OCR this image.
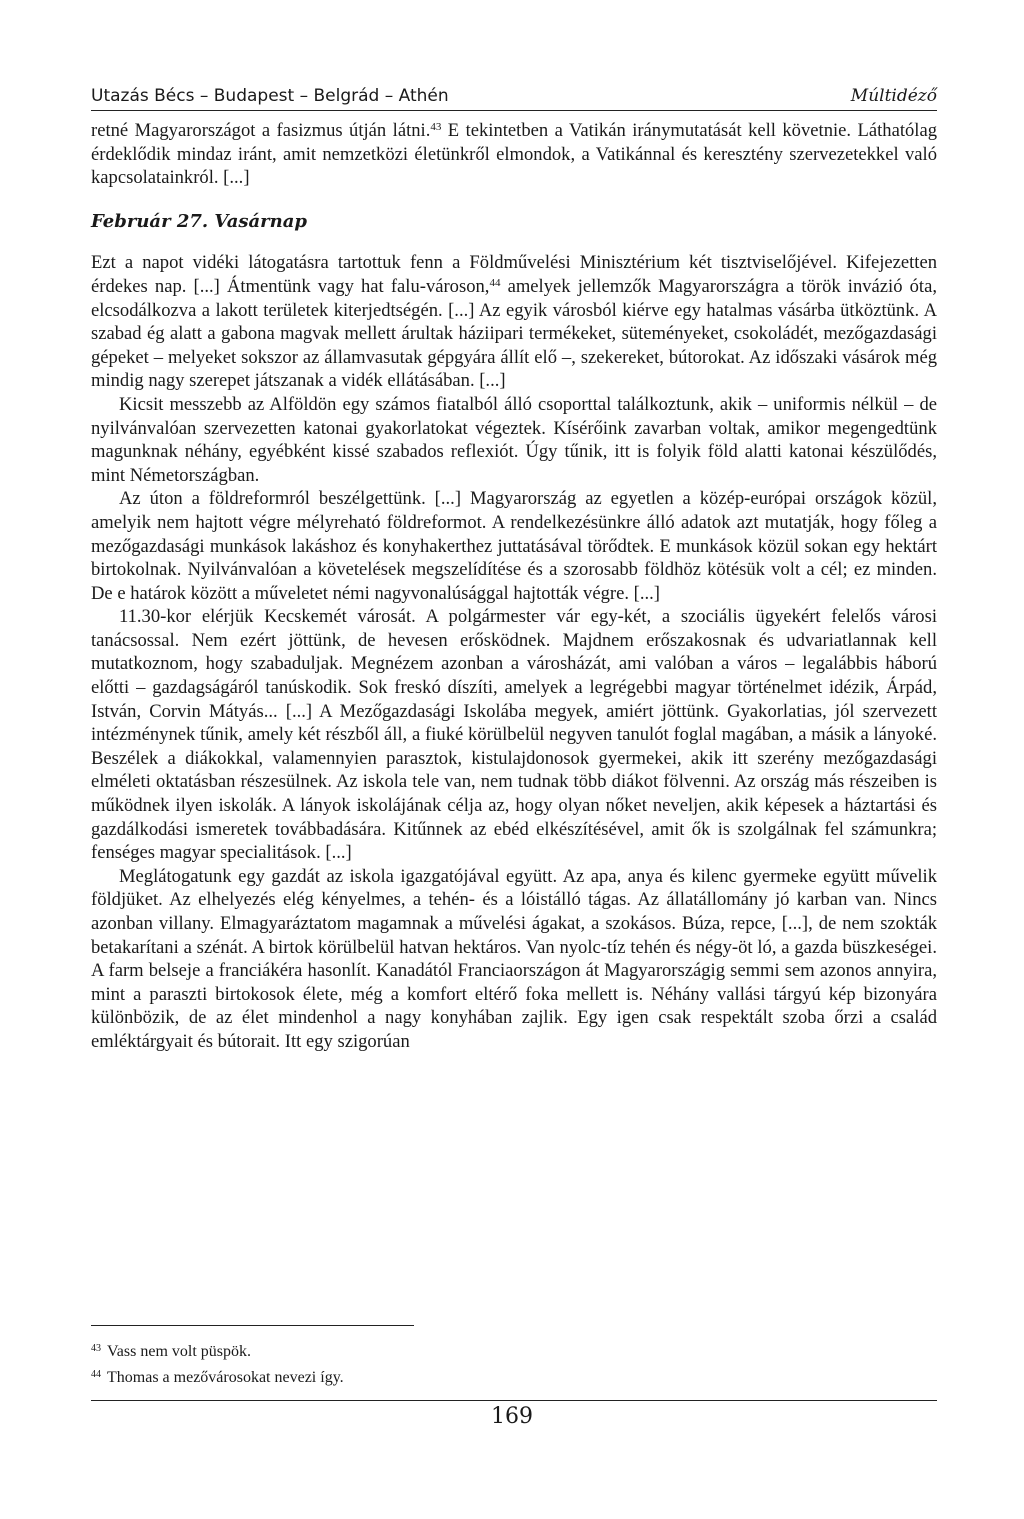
Utazás Bécs – Budapest – Belgrád – Athén	Múltidéző

retné Magyarországot a fasizmus útján látni.$^{43}$ E tekintetben a Vatikán iránymutatását kell követnie. Láthatólag érdeklődik mindaz iránt, amit nemzetközi életünkről elmondok, a Vatikánnal és keresztény szervezetekkel való kapcsolatainkról. [...]

Február 27. Vasárnap

Ezt a napot vidéki látogatásra tartottuk fenn a Földművelési Minisztérium két tisztviselőjével. Kifejezetten érdekes nap. [...] Átmentünk vagy hat falu-városon,$^{44}$ amelyek jellemzők Magyarországra a török invázió óta, elcsodálkozva a lakott területek kiterjedtségén. [...] Az egyik városból kiérve egy hatalmas vásárba ütköztünk. A szabad ég alatt a gabona magvak mellett árultak háziipari termékeket, süteményeket, csokoládét, mezőgazdasági gépeket – melyeket sokszor az államvasutak gépgyára állít elő –, szekereket, bútorokat. Az időszaki vásárok még mindig nagy szerepet játszanak a vidék ellátásában. [...]

Kicsit messzebb az Alföldön egy számos fiatalból álló csoporttal találkoztunk, akik – uniformis nélkül – de nyilvánvalóan szervezetten katonai gyakorlatokat végeztek. Kísérőink zavarban voltak, amikor megengedtünk magunknak néhány, egyébként kissé szabados reflexiót. Úgy tűnik, itt is folyik föld alatti katonai készülődés, mint Németországban.

Az úton a földreformról beszélgettünk. [...] Magyarország az egyetlen a közép-európai országok közül, amelyik nem hajtott végre mélyreható földreformot. A rendelkezésünkre álló adatok azt mutatják, hogy főleg a mezőgazdasági munkások lakáshoz és konyhakerthez juttatásával törődtek. E munkások közül sokan egy hektárt birtokolnak. Nyilvánvalóan a követelések megszelídítése és a szorosabb földhöz kötésük volt a cél; ez minden. De e határok között a műveletet némi nagyvonalúsággal hajtották végre. [...]

11.30-kor elérjük Kecskemét városát. A polgármester vár egy-két, a szociális ügyekért felelős városi tanácsossal. Nem ezért jöttünk, de hevesen erősködnek. Majdnem erőszakosnak és udvariatlannak kell mutatkoznom, hogy szabaduljak. Megnézem azonban a városházát, ami valóban a város – legalábbis háború előtti – gazdagságáról tanúskodik. Sok freskó díszíti, amelyek a legrégebbi magyar történelmet idézik, Árpád, István, Corvin Mátyás... [...] A Mezőgazdasági Iskolába megyek, amiért jöttünk. Gyakorlatias, jól szervezett intézménynek tűnik, amely két részből áll, a fiuké körülbelül negyven tanulót foglal magában, a másik a lányoké. Beszélek a diákokkal, valamennyien parasztok, kistulajdonosok gyermekei, akik itt szerény mezőgazdasági elméleti oktatásban részesülnek. Az iskola tele van, nem tudnak több diákot fölvenni. Az ország más részeiben is működnek ilyen iskolák. A lányok iskolájának célja az, hogy olyan nőket neveljen, akik képesek a háztartási és gazdálkodási ismeretek továbbadására. Kitűnnek az ebéd elkészítésével, amit ők is szolgálnak fel számunkra; fenséges magyar specialitások. [...]

Meglátogatunk egy gazdát az iskola igazgatójával együtt. Az apa, anya és kilenc gyermeke együtt művelik földjüket. Az elhelyezés elég kényelmes, a tehén- és a lóistálló tágas. Az állatállomány jó karban van. Nincs azonban villany. Elmagyaráztatom magamnak a művelési ágakat, a szokásos. Búza, repce, [...], de nem szokták betakarítani a szénát. A birtok körülbelül hatvan hektáros. Van nyolc-tíz tehén és négy-öt ló, a gazda büszkeségei. A farm belseje a franciákéra hasonlít. Kanadától Franciaországon át Magyarországig semmi sem azonos annyira, mint a paraszti birtokosok élete, még a komfort eltérő foka mellett is. Néhány vallási tárgyú kép bizonyára különbözik, de az élet mindenhol a nagy konyhában zajlik. Egy igen csak respektált szoba őrzi a család emléktárgyait és bútorait. Itt egy szigorúan

$^{43}$ Vass nem volt püspök.
$^{44}$ Thomas a mezővárosokat nevezi így.
169
